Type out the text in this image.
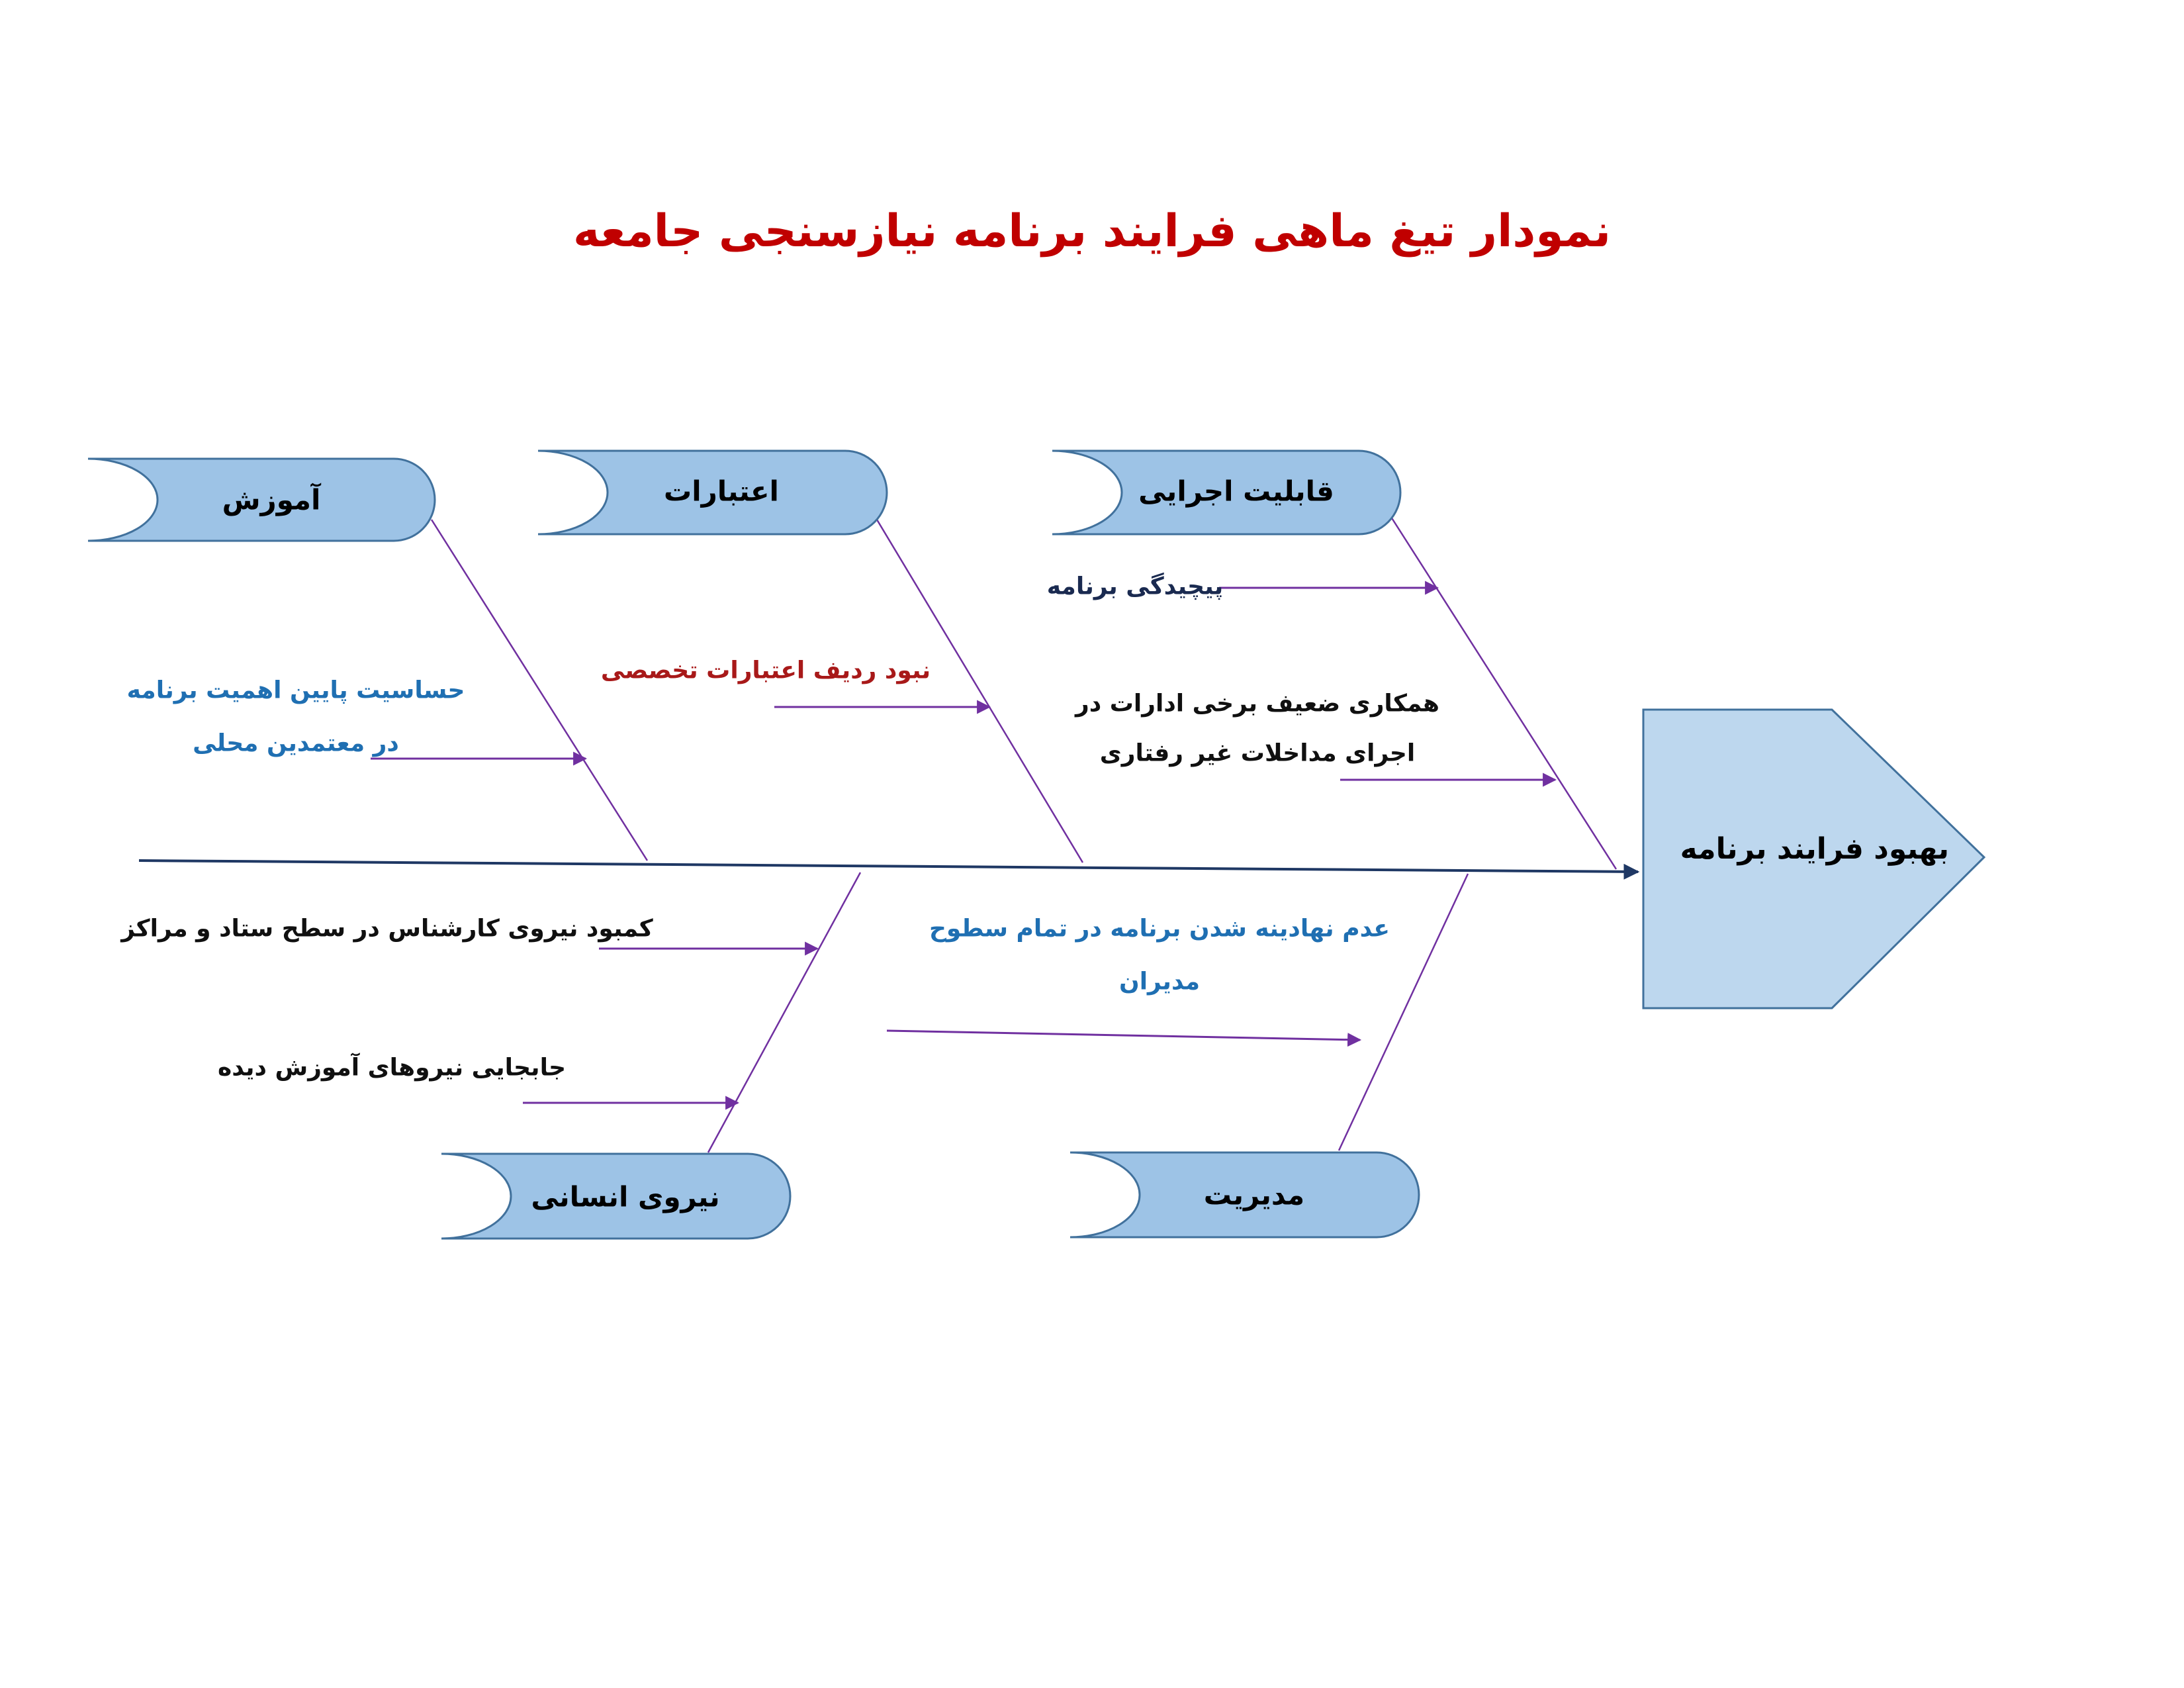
نمودار تیغ ماهی فرایند برنامه نیازسنجی جامعه
بهبود فرایند برنامه
آموزش	اعتبارات	قابلیت اجرایی
نیروی انسانی	مدیریت
حساسیت پایین اهمیت برنامه
در معتمدین محلی
نبود ردیف اعتبارات تخصصی
پیچیدگی برنامه
همکاری ضعیف برخی ادارات در
اجرای مداخلات غیر رفتاری
کمبود نیروی کارشناس در سطح ستاد و مراکز
جابجایی نیروهای آموزش دیده
عدم نهادینه شدن برنامه در تمام سطوح
مدیران
